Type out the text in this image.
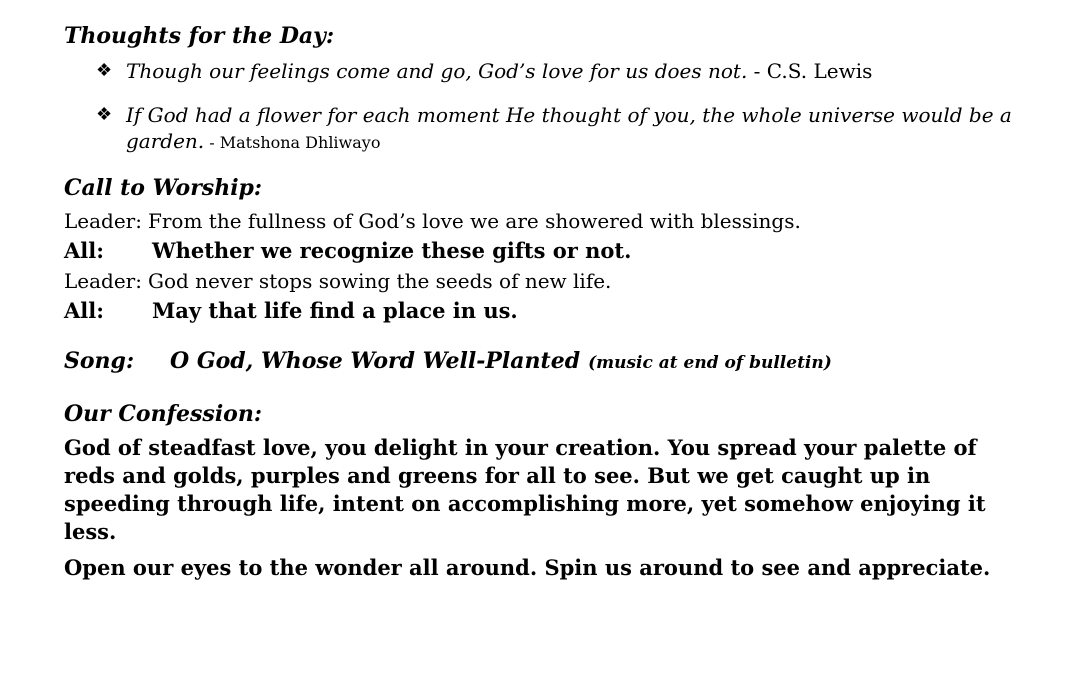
Thoughts for the Day:
❖ Though our feelings come and go, God’s love for us does not. - C.S. Lewis
❖ If God had a flower for each moment He thought of you, the whole universe would be a garden. - Matshona Dhliwayo
Call to Worship:
Leader: From the fullness of God’s love we are showered with blessings.
All:	Whether we recognize these gifts or not.
Leader: God never stops sowing the seeds of new life.
All:	May that life find a place in us.
Song:	O God, Whose Word Well-Planted (music at end of bulletin)
Our Confession:
God of steadfast love, you delight in your creation. You spread your palette of reds and golds, purples and greens for all to see. But we get caught up in speeding through life, intent on accomplishing more, yet somehow enjoying it less.
Open our eyes to the wonder all around. Spin us around to see and appreciate.
